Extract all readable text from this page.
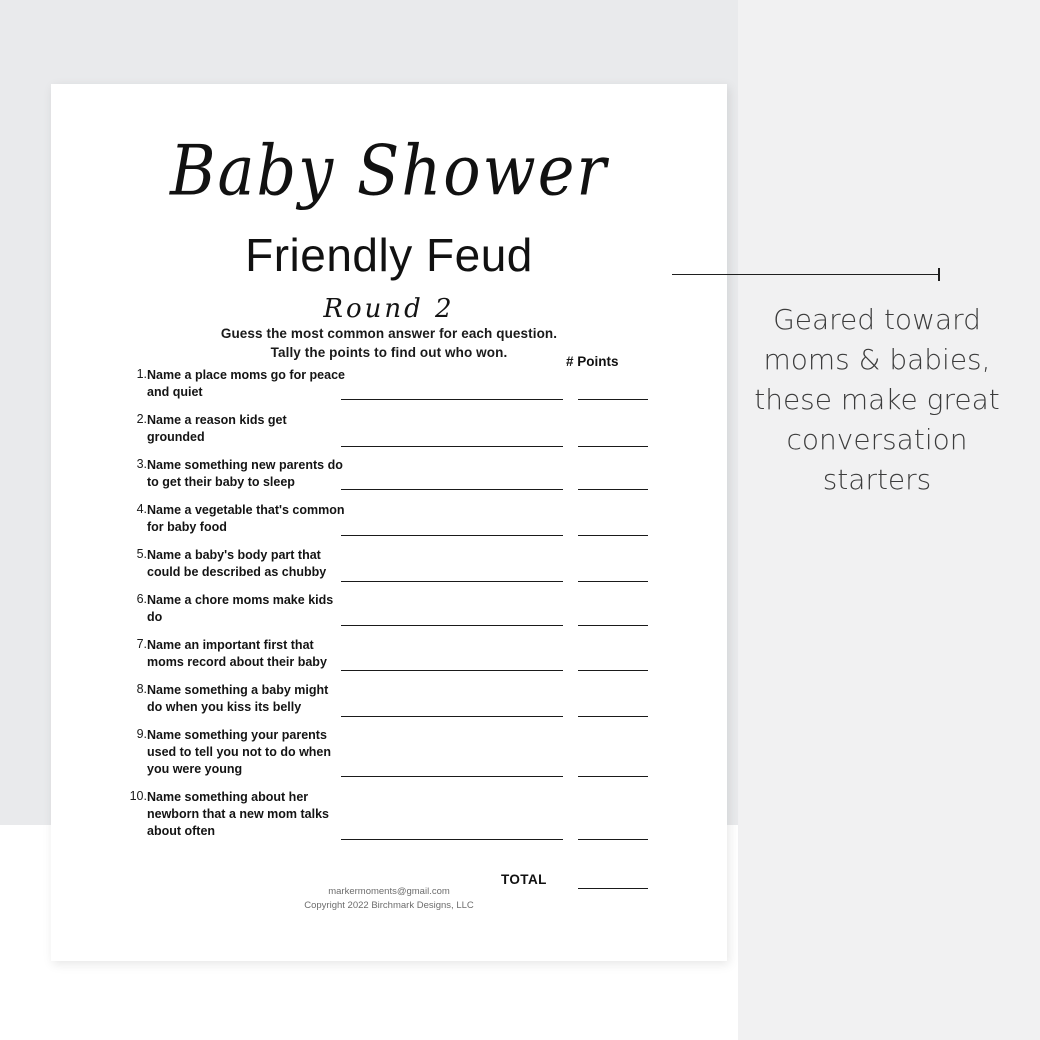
Baby Shower
Friendly Feud
Round 2
Guess the most common answer for each question.
Tally the points to find out who won.
# Points
1. Name a place moms go for peace and quiet
2. Name a reason kids get grounded
3. Name something new parents do to get their baby to sleep
4. Name a vegetable that's common for baby food
5. Name a baby's body part that could be described as chubby
6. Name a chore moms make kids do
7. Name an important first that moms record about their baby
8. Name something a baby might do when you kiss its belly
9. Name something your parents used to tell you not to do when you were young
10. Name something about her newborn that a new mom talks about often
TOTAL
markermoments@gmail.com
Copyright 2022 Birchmark Designs, LLC
Geared toward moms & babies, these make great conversation starters
